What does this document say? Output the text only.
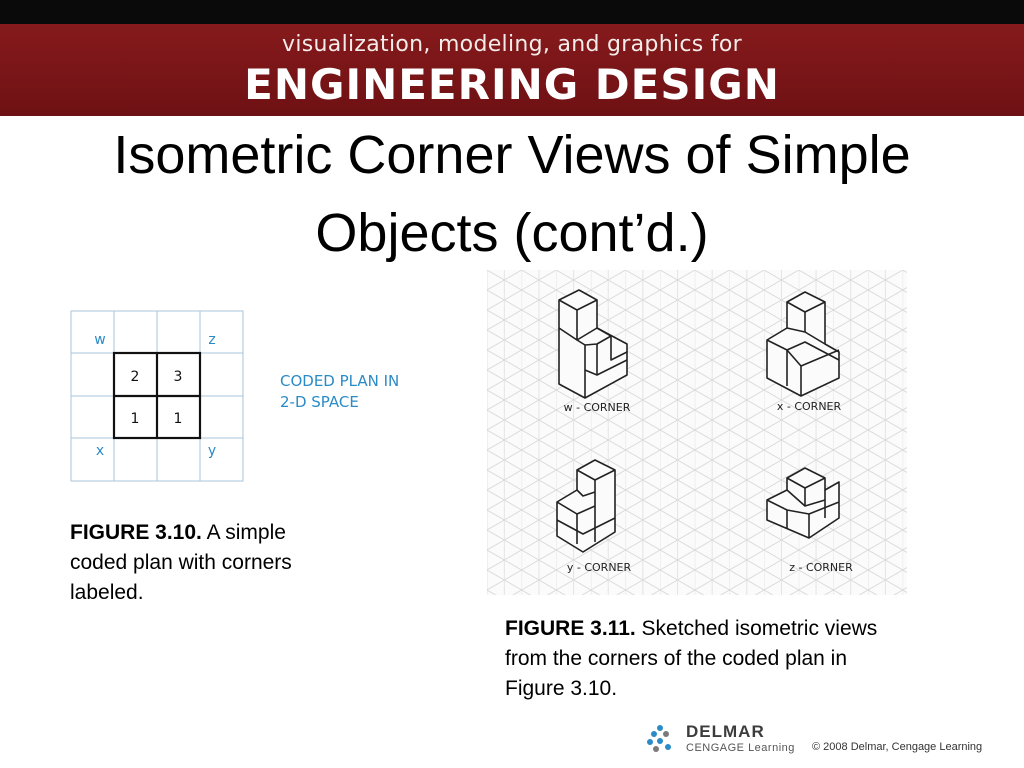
visualization, modeling, and graphics for
ENGINEERING DESIGN
Isometric Corner Views of Simple
Objects (cont’d.)
w	z
x	y
2 3
1 1
CODED PLAN IN
2-D SPACE
FIGURE 3.10. A simple coded plan with corners labeled.
w - CORNER	x - CORNER
y - CORNER	z - CORNER
FIGURE 3.11. Sketched isometric views from the corners of the coded plan in Figure 3.10.
DELMAR
CENGAGE Learning © 2008 Delmar, Cengage Learning
